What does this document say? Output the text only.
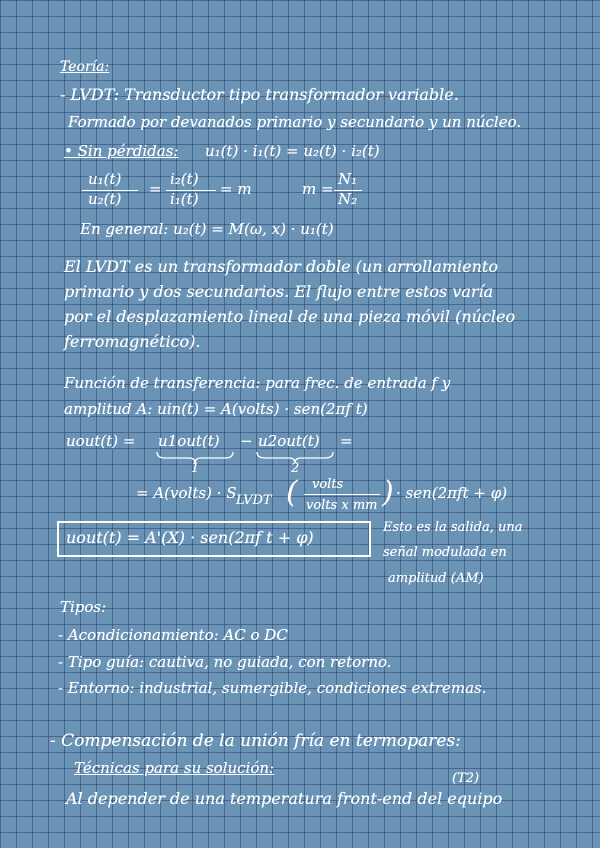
Teoría:
- LVDT: Transductor tipo transformador variable.
Formado por devanados primario y secundario y un núcleo.
• Sin pérdidas: u₁(t) · i₁(t) = u₂(t) · i₂(t)
u₁(t)
u₂(t)
=
i₂(t)
i₁(t)
= m	m =
N₁
N₂
En general: u₂(t) = M(ω, x) · u₁(t)
El LVDT es un transformador doble (un arrollamiento
primario y dos secundarios. El flujo entre estos varía
por el desplazamiento lineal de una pieza móvil (núcleo
ferromagnético).
Función de transferencia: para frec. de entrada f y
amplitud A: uin(t) = A(volts) · sen(2πf t)
uout(t) = u1out(t) − u2out(t) =
1	2
= A(volts) · S LVDT ( volts
volts x mm ) · sen(2πft + φ)
uout(t) = A'(X) · sen(2πf t + φ)
Esto es la salida, una
señal modulada en
amplitud (AM)
Tipos:
- Acondicionamiento: AC o DC
- Tipo guía: cautiva, no guiada, con retorno.
- Entorno: industrial, sumergible, condiciones extremas.
- Compensación de la unión fría en termopares:
Técnicas para su solución:
(T2)
Al depender de una temperatura front-end del equipo
